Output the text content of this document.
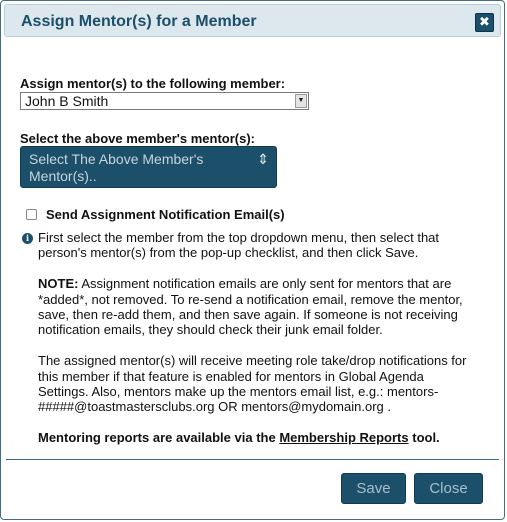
Assign Mentor(s) for a Member	✖
Assign mentor(s) to the following member:
John B Smith	▼
Select the above member's mentor(s):
Select The Above Member's Mentor(s)..
⇕
Send Assignment Notification Email(s)
i First select the member from the top dropdown menu, then select that person's mentor(s) from the pop-up checklist, and then click Save.

NOTE: Assignment notification emails are only sent for mentors that are *added*, not removed. To re-send a notification email, remove the mentor, save, then re-add them, and then save again. If someone is not receiving notification emails, they should check their junk email folder.

The assigned mentor(s) will receive meeting role take/drop notifications for this member if that feature is enabled for mentors in Global Agenda Settings. Also, mentors make up the mentors email list, e.g.: mentors-#####@toastmastersclubs.org OR mentors@mydomain.org .

Mentoring reports are available via the Membership Reports tool.

Save	Close
